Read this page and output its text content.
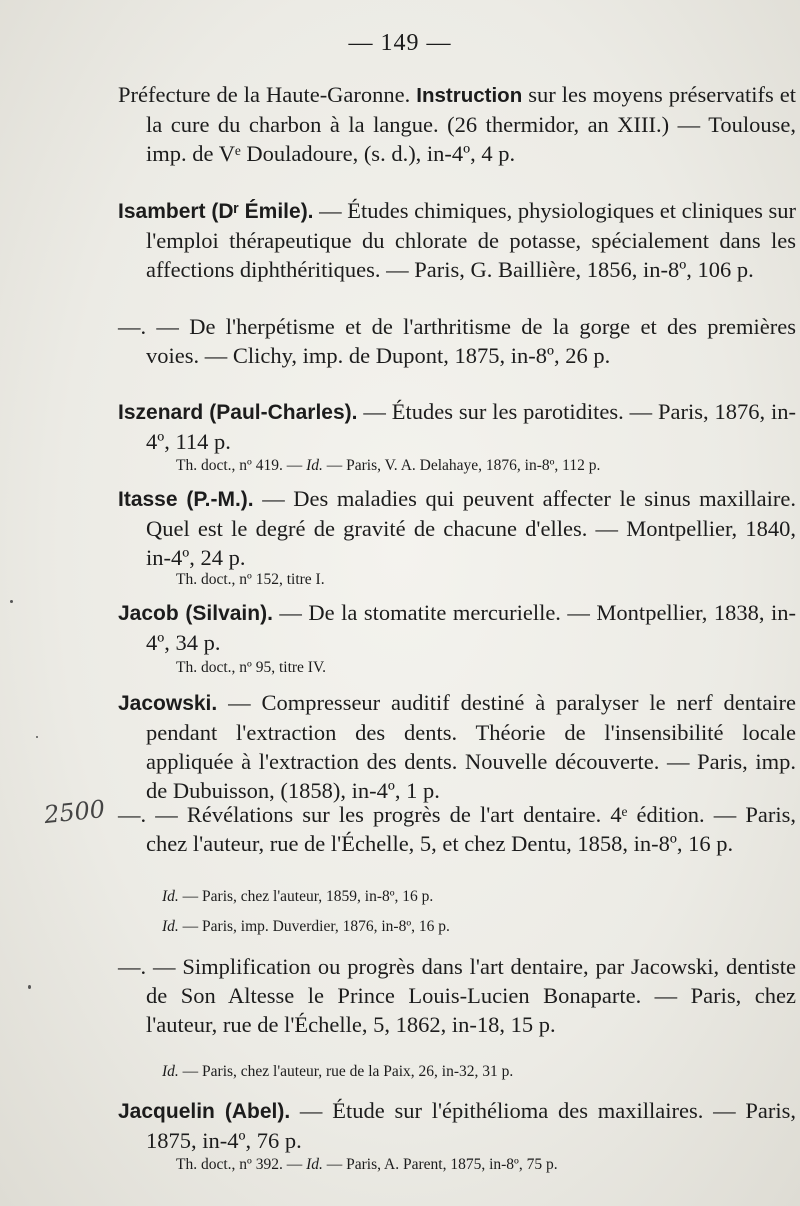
— 149 —
2500
Préfecture de la Haute-Garonne. Instruction sur les moyens préservatifs et la cure du charbon à la langue. (26 thermidor, an XIII.) — Toulouse, imp. de Vᵉ Douladoure, (s. d.), in-4º, 4 p.
Isambert (Dʳ Émile). — Études chimiques, physiologiques et cliniques sur l'emploi thérapeutique du chlorate de potasse, spécialement dans les affections diphthéritiques. — Paris, G. Baillière, 1856, in-8º, 106 p.
—. — De l'herpétisme et de l'arthritisme de la gorge et des premières voies. — Clichy, imp. de Dupont, 1875, in-8º, 26 p.
Iszenard (Paul-Charles). — Études sur les parotidites. — Paris, 1876, in-4º, 114 p.
Th. doct., nº 419. — Id. — Paris, V. A. Delahaye, 1876, in-8º, 112 p.
Itasse (P.-M.). — Des maladies qui peuvent affecter le sinus maxillaire. Quel est le degré de gravité de chacune d'elles. — Montpellier, 1840, in-4º, 24 p.
Th. doct., nº 152, titre I.
Jacob (Silvain). — De la stomatite mercurielle. — Montpellier, 1838, in-4º, 34 p.
Th. doct., nº 95, titre IV.
Jacowski. — Compresseur auditif destiné à paralyser le nerf dentaire pendant l'extraction des dents. Théorie de l'insensibilité locale appliquée à l'extraction des dents. Nouvelle découverte. — Paris, imp. de Dubuisson, (1858), in-4º, 1 p.
—. — Révélations sur les progrès de l'art dentaire. 4ᵉ édition. — Paris, chez l'auteur, rue de l'Échelle, 5, et chez Dentu, 1858, in-8º, 16 p.
Id. — Paris, chez l'auteur, 1859, in-8º, 16 p.
Id. — Paris, imp. Duverdier, 1876, in-8º, 16 p.
—. — Simplification ou progrès dans l'art dentaire, par Jacowski, dentiste de Son Altesse le Prince Louis-Lucien Bonaparte. — Paris, chez l'auteur, rue de l'Échelle, 5, 1862, in-18, 15 p.
Id. — Paris, chez l'auteur, rue de la Paix, 26, in-32, 31 p.
Jacquelin (Abel). — Étude sur l'épithélioma des maxillaires. — Paris, 1875, in-4º, 76 p.
Th. doct., nº 392. — Id. — Paris, A. Parent, 1875, in-8º, 75 p.
